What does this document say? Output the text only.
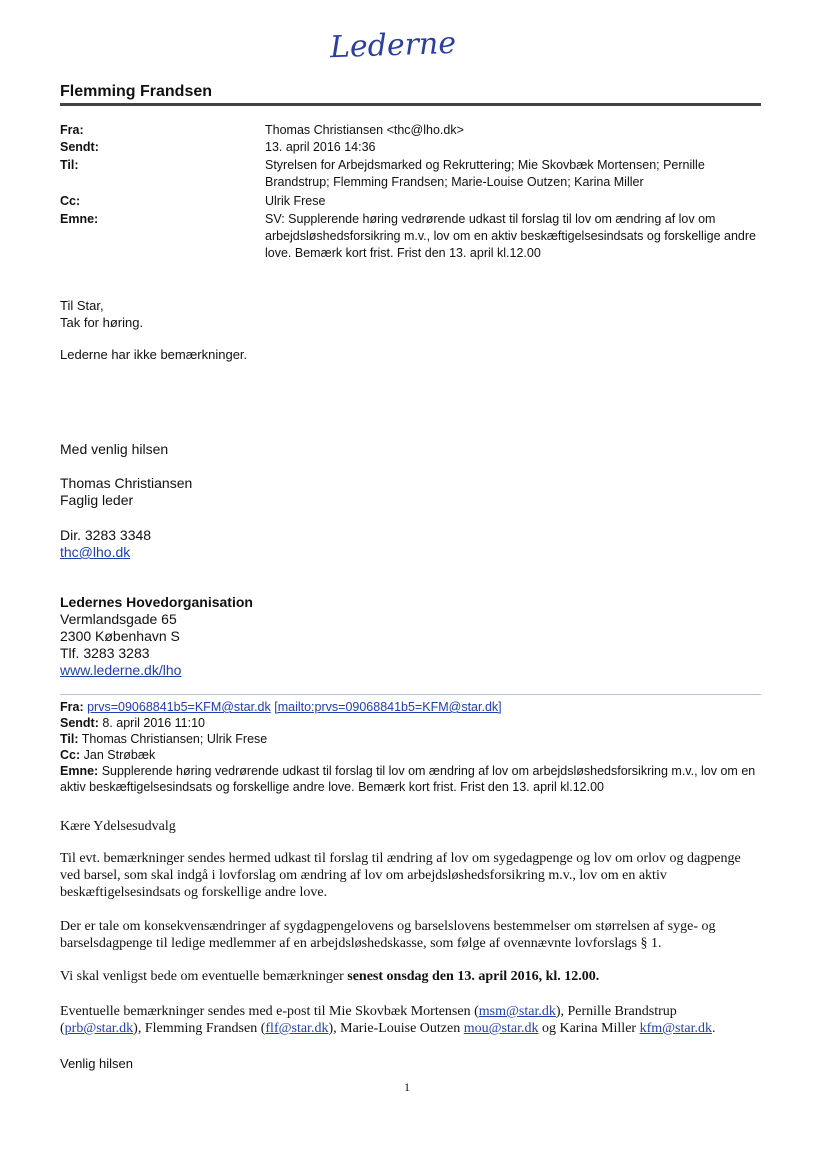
Lederne
Flemming Frandsen
Fra:	Thomas Christiansen <thc@lho.dk>
Sendt:	13. april 2016 14:36
Til:	Styrelsen for Arbejdsmarked og Rekruttering; Mie Skovbæk Mortensen; Pernille Brandstrup; Flemming Frandsen; Marie-Louise Outzen; Karina Miller
Cc:	Ulrik Frese
Emne:	SV: Supplerende høring vedrørende udkast til forslag til lov om ændring af lov om arbejdsløshedsforsikring m.v., lov om en aktiv beskæftigelsesindsats og forskellige andre love. Bemærk kort frist. Frist den 13. april kl.12.00
Til Star,
Tak for høring.
Lederne har ikke bemærkninger.
Med venlig hilsen
Thomas Christiansen
Faglig leder
Dir. 3283 3348
thc@lho.dk
Ledernes Hovedorganisation
Vermlandsgade 65
2300 København S
Tlf. 3283 3283
www.lederne.dk/lho
Fra: prvs=09068841b5=KFM@star.dk [mailto:prvs=09068841b5=KFM@star.dk]
Sendt: 8. april 2016 11:10
Til: Thomas Christiansen; Ulrik Frese
Cc: Jan Strøbæk
Emne: Supplerende høring vedrørende udkast til forslag til lov om ændring af lov om arbejdsløshedsforsikring m.v., lov om en aktiv beskæftigelsesindsats og forskellige andre love. Bemærk kort frist. Frist den 13. april kl.12.00
Kære Ydelsesudvalg
Til evt. bemærkninger sendes hermed udkast til forslag til ændring af lov om sygedagpenge og lov om orlov og dagpenge ved barsel, som skal indgå i lovforslag om ændring af lov om arbejdsløshedsforsikring m.v., lov om en aktiv beskæftigelsesindsats og forskellige andre love.
Der er tale om konsekvensændringer af sygdagpengelovens og barselslovens bestemmelser om størrelsen af syge- og barselsdagpenge til ledige medlemmer af en arbejdsløshedskasse, som følge af ovennævnte lovforslags § 1.
Vi skal venligst bede om eventuelle bemærkninger senest onsdag den 13. april 2016, kl. 12.00.
Eventuelle bemærkninger sendes med e-post til Mie Skovbæk Mortensen (msm@star.dk), Pernille Brandstrup (prb@star.dk), Flemming Frandsen (flf@star.dk), Marie-Louise Outzen mou@star.dk og Karina Miller kfm@star.dk.
Venlig hilsen
1
